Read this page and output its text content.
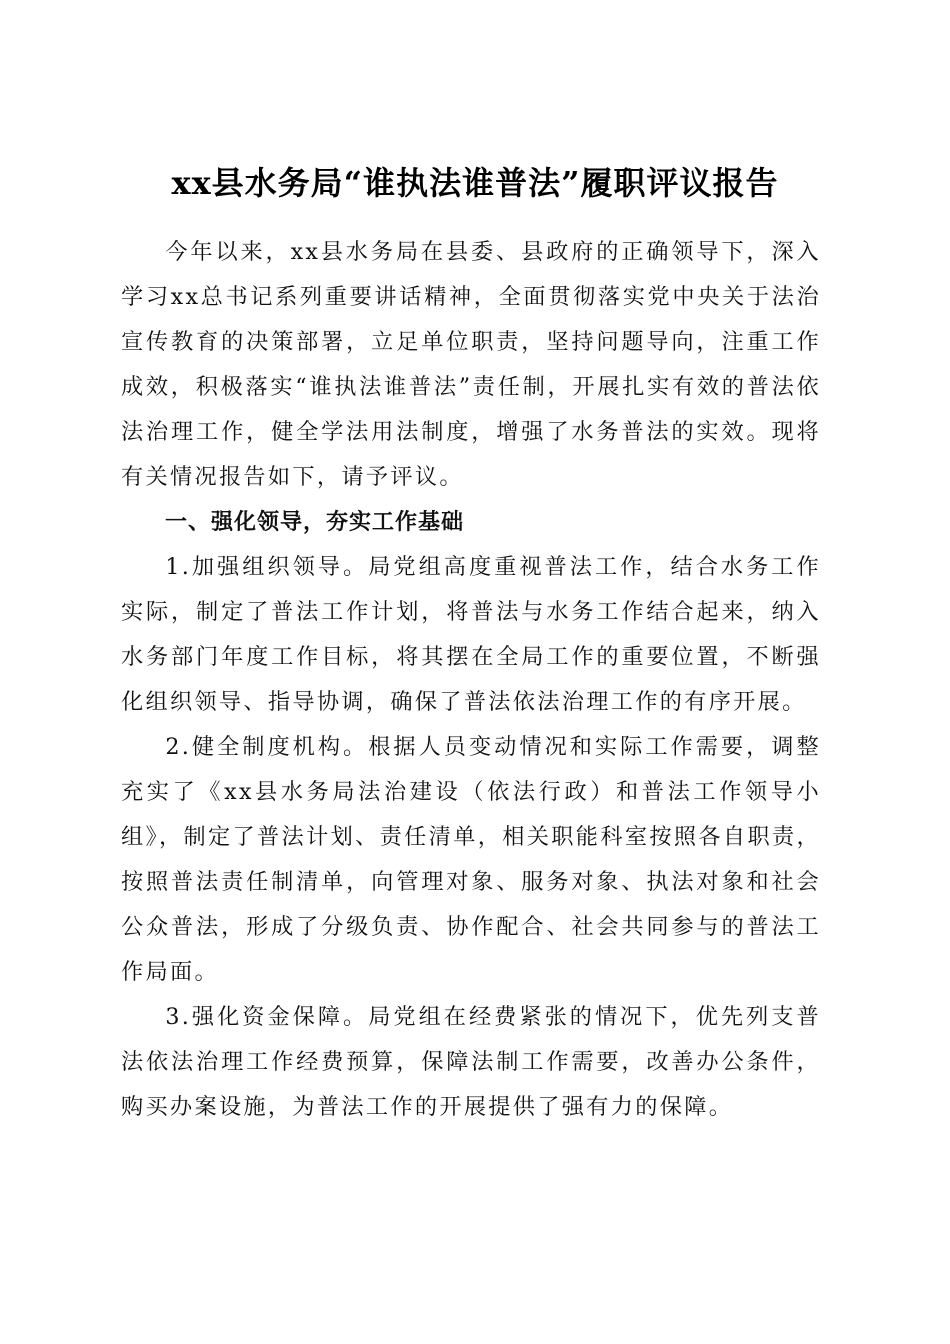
xx县水务局“谁执法谁普法”履职评议报告

今年以来，xx县水务局在县委、县政府的正确领导下，深入学习xx总书记系列重要讲话精神，全面贯彻落实党中央关于法治宣传教育的决策部署，立足单位职责，坚持问题导向，注重工作成效，积极落实“谁执法谁普法”责任制，开展扎实有效的普法依法治理工作，健全学法用法制度，增强了水务普法的实效。现将有关情况报告如下，请予评议。

一、强化领导，夯实工作基础

1.加强组织领导。局党组高度重视普法工作，结合水务工作实际，制定了普法工作计划，将普法与水务工作结合起来，纳入水务部门年度工作目标，将其摆在全局工作的重要位置，不断强化组织领导、指导协调，确保了普法依法治理工作的有序开展。

2.健全制度机构。根据人员变动情况和实际工作需要，调整充实了《xx县水务局法治建设（依法行政）和普法工作领导小组》，制定了普法计划、责任清单，相关职能科室按照各自职责，按照普法责任制清单，向管理对象、服务对象、执法对象和社会公众普法，形成了分级负责、协作配合、社会共同参与的普法工作局面。

3.强化资金保障。局党组在经费紧张的情况下，优先列支普法依法治理工作经费预算，保障法制工作需要，改善办公条件，购买办案设施，为普法工作的开展提供了强有力的保障。
